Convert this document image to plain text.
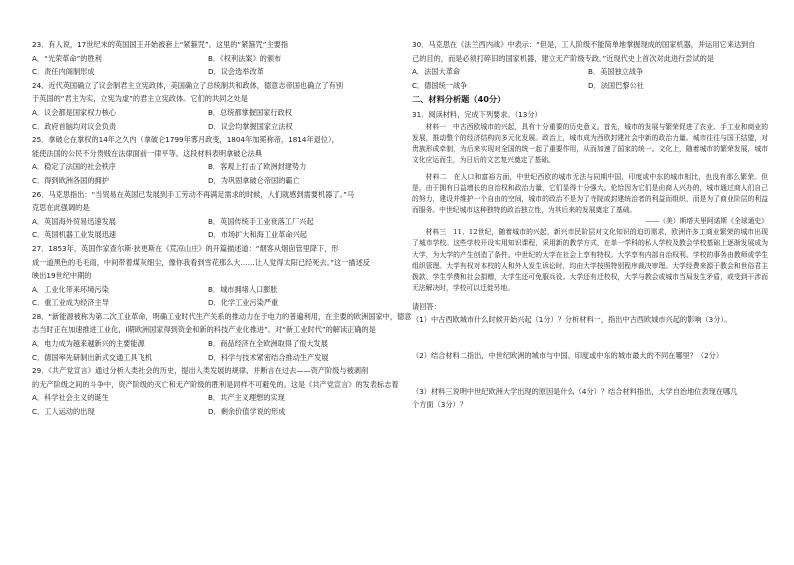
23．有人说，17世纪末的英国国王开始被套上“紧箍咒”。这里的“紧箍咒”主要指

A．“光荣革命”的胜利	B．《权利法案》的颁布
C．责任内阁制形成	D．议会选举改革

24．近代英国确立了议会制君主立宪政体，美国确立了总统制共和政体，德意志帝国也确立了有别

于英国的“君主为实，立宪为虚”的君主立宪政体。它们的共同之处是

A．议会都是国家权力核心	B．总统都掌握国家行政权
C．政府首脑均对议会负责	D．议会均掌握国家立法权

25．拿破仑在掌权的14年之久内（拿破仑1799年雾月政变，1804年加冕称帝，1814年退位），

能使法国的公民不分贵贱在法律面前一律平等。这段材料表明拿破仑法典

A．稳定了法国的社会秩序	B．客观上打击了欧洲封建势力
C．得到欧洲各国的拥护	D．为巩固拿破仑帝国的霸亡

26．马克思指出：“当贸易在英国已发展到手工劳动不再满足需求的时候，人们就感到需要机器了。”马

克思在此强调的是

A．英国海外贸易迅速发展	B．英国传统手工业衰落工厂兴起
C．英国机器工业发展迅速	D．市场扩大和海工业革命兴起

27．1853年，英国作家查尔斯·狄更斯在《荒凉山庄》的开篇描述道：“烟客从烟囱管里降下，形

成一道黑色的毛毛雨，中间带着煤灰细尘，像你我看到雪花那么大……让人觉得太阳已经死去。”这一描述反

映出19世纪中期的

A．工业化带来环境污染	B．城市拥堵人口膨胀
C．重工业成为经济主导	D．化学工业污染严重

28．“新能源被称为第二次工业革命，明确工业时代生产关系的推动力在于电力的普遍利用，在主要的欧洲国家中，德意

志当时正在加速推进工业化，I期欧洲国家得到资金和新的科技产业化推进”。对“新工业时代”的解读正确的是

A．电力成为越来越新兴的主要能源	B．商品经济在全欧洲取得了很大发展
C．德国率先研制出新式交通工具飞机	D．科学与技术紧密结合推动生产发展

29．《共产党宣言》通过分析人类社会的历史，提出人类发展的规律，并断言在过去——资产阶级与被剥削

的无产阶级之间的斗争中，资产阶级的灭亡和无产阶级的胜利是同样不可避免的。这是《共产党宣言》的发表标志着

A．科学社会主义的诞生	B．共产主义理想的实现
C．工人运动的出现	D．剩余价值学说的形成

30．马克思在《法兰西内战》中表示：“但是，工人阶级不能简单地掌握现成的国家机器，并运用它来达到自

己的目的，而是必须打碎旧的国家机器，建立无产阶级专政。”近现代史上首次对此进行尝试的是

A．法国大革命	B．美国独立战争
C．德国统一战争	D．法国巴黎公社

二、材料分析题（40分）

31．阅读材料，完成下列要求。（13分）

材料一　中古西欧城市的兴起，具有十分重要的历史意义。首先，城市的发展与繁荣促进了农业、手工业和商业的发展，推动整个的经济结构向多元化发展。政治上，城市成为西欧封建社会中新的政治力量。城市往往与国王结盟，对贵族形成牵制，为后来实现对全国的统一起了重要作用，从而加速了国家的统一。文化上，随着城市的繁荣发展，城市文化应运而生，为日后的文艺复兴奠定了基础。

材料二　在人口和富裕方面，中世纪西欧的城市无法与同期中国、印度或中东的城市相比，也没有那么繁荣。但是，由于拥有日益增长的自治权和政治力量，它们显得十分强大。伦恰因为它们是由商人兴办的，城市通过商人们自己的努力，建设并维护一个自由的空间，城市的政治不是为了寺院或封建统治者的利益而组织，而是为了商业阶层的利益而服务。中世纪城市这种独特的政治独立性，为其后来的发展奠定了基础。

——（美）斯塔夫里阿诺斯《全球通史》

材料三　11、12世纪，随着城市的兴起，新兴市民阶层对文化知识的迫切需求，欧洲许多工商业繁荣的城市出现了城市学校。这些学校开设实用知识课程，采用新的教学方式，在单一学科的私人学校及教会学校基础上逐渐发展成为大学，为大学的产生创造了条件。中世纪的大学在社会上享有特权。大学享有内部自治权利。学校的事务由教师或学生组织管理。大学有权对本校的人和外人发生诉讼时，均由大学按照特别程序裁决审理。大学经费来源于教会和世俗君主拨款、学生学费和社会捐赠，大学生还可免服兵役。大学还有迁校权，大学与教会或城市当局发生矛盾，或受到干涉而无法解决时，学校可以迁徙另地。

请回答：

（1）中古西欧城市什么时候开始兴起（1分）？分析材料一，指出中古西欧城市兴起的影响（3分）。

（2）结合材料二指出，中世纪欧洲的城市与中国、印度或中东的城市最大的不同在哪里？（2分）

（3）材料三说明中世纪欧洲大学出现的原因是什么（4分）？结合材料指出，大学自治地位表现在哪几

个方面（3分）？
